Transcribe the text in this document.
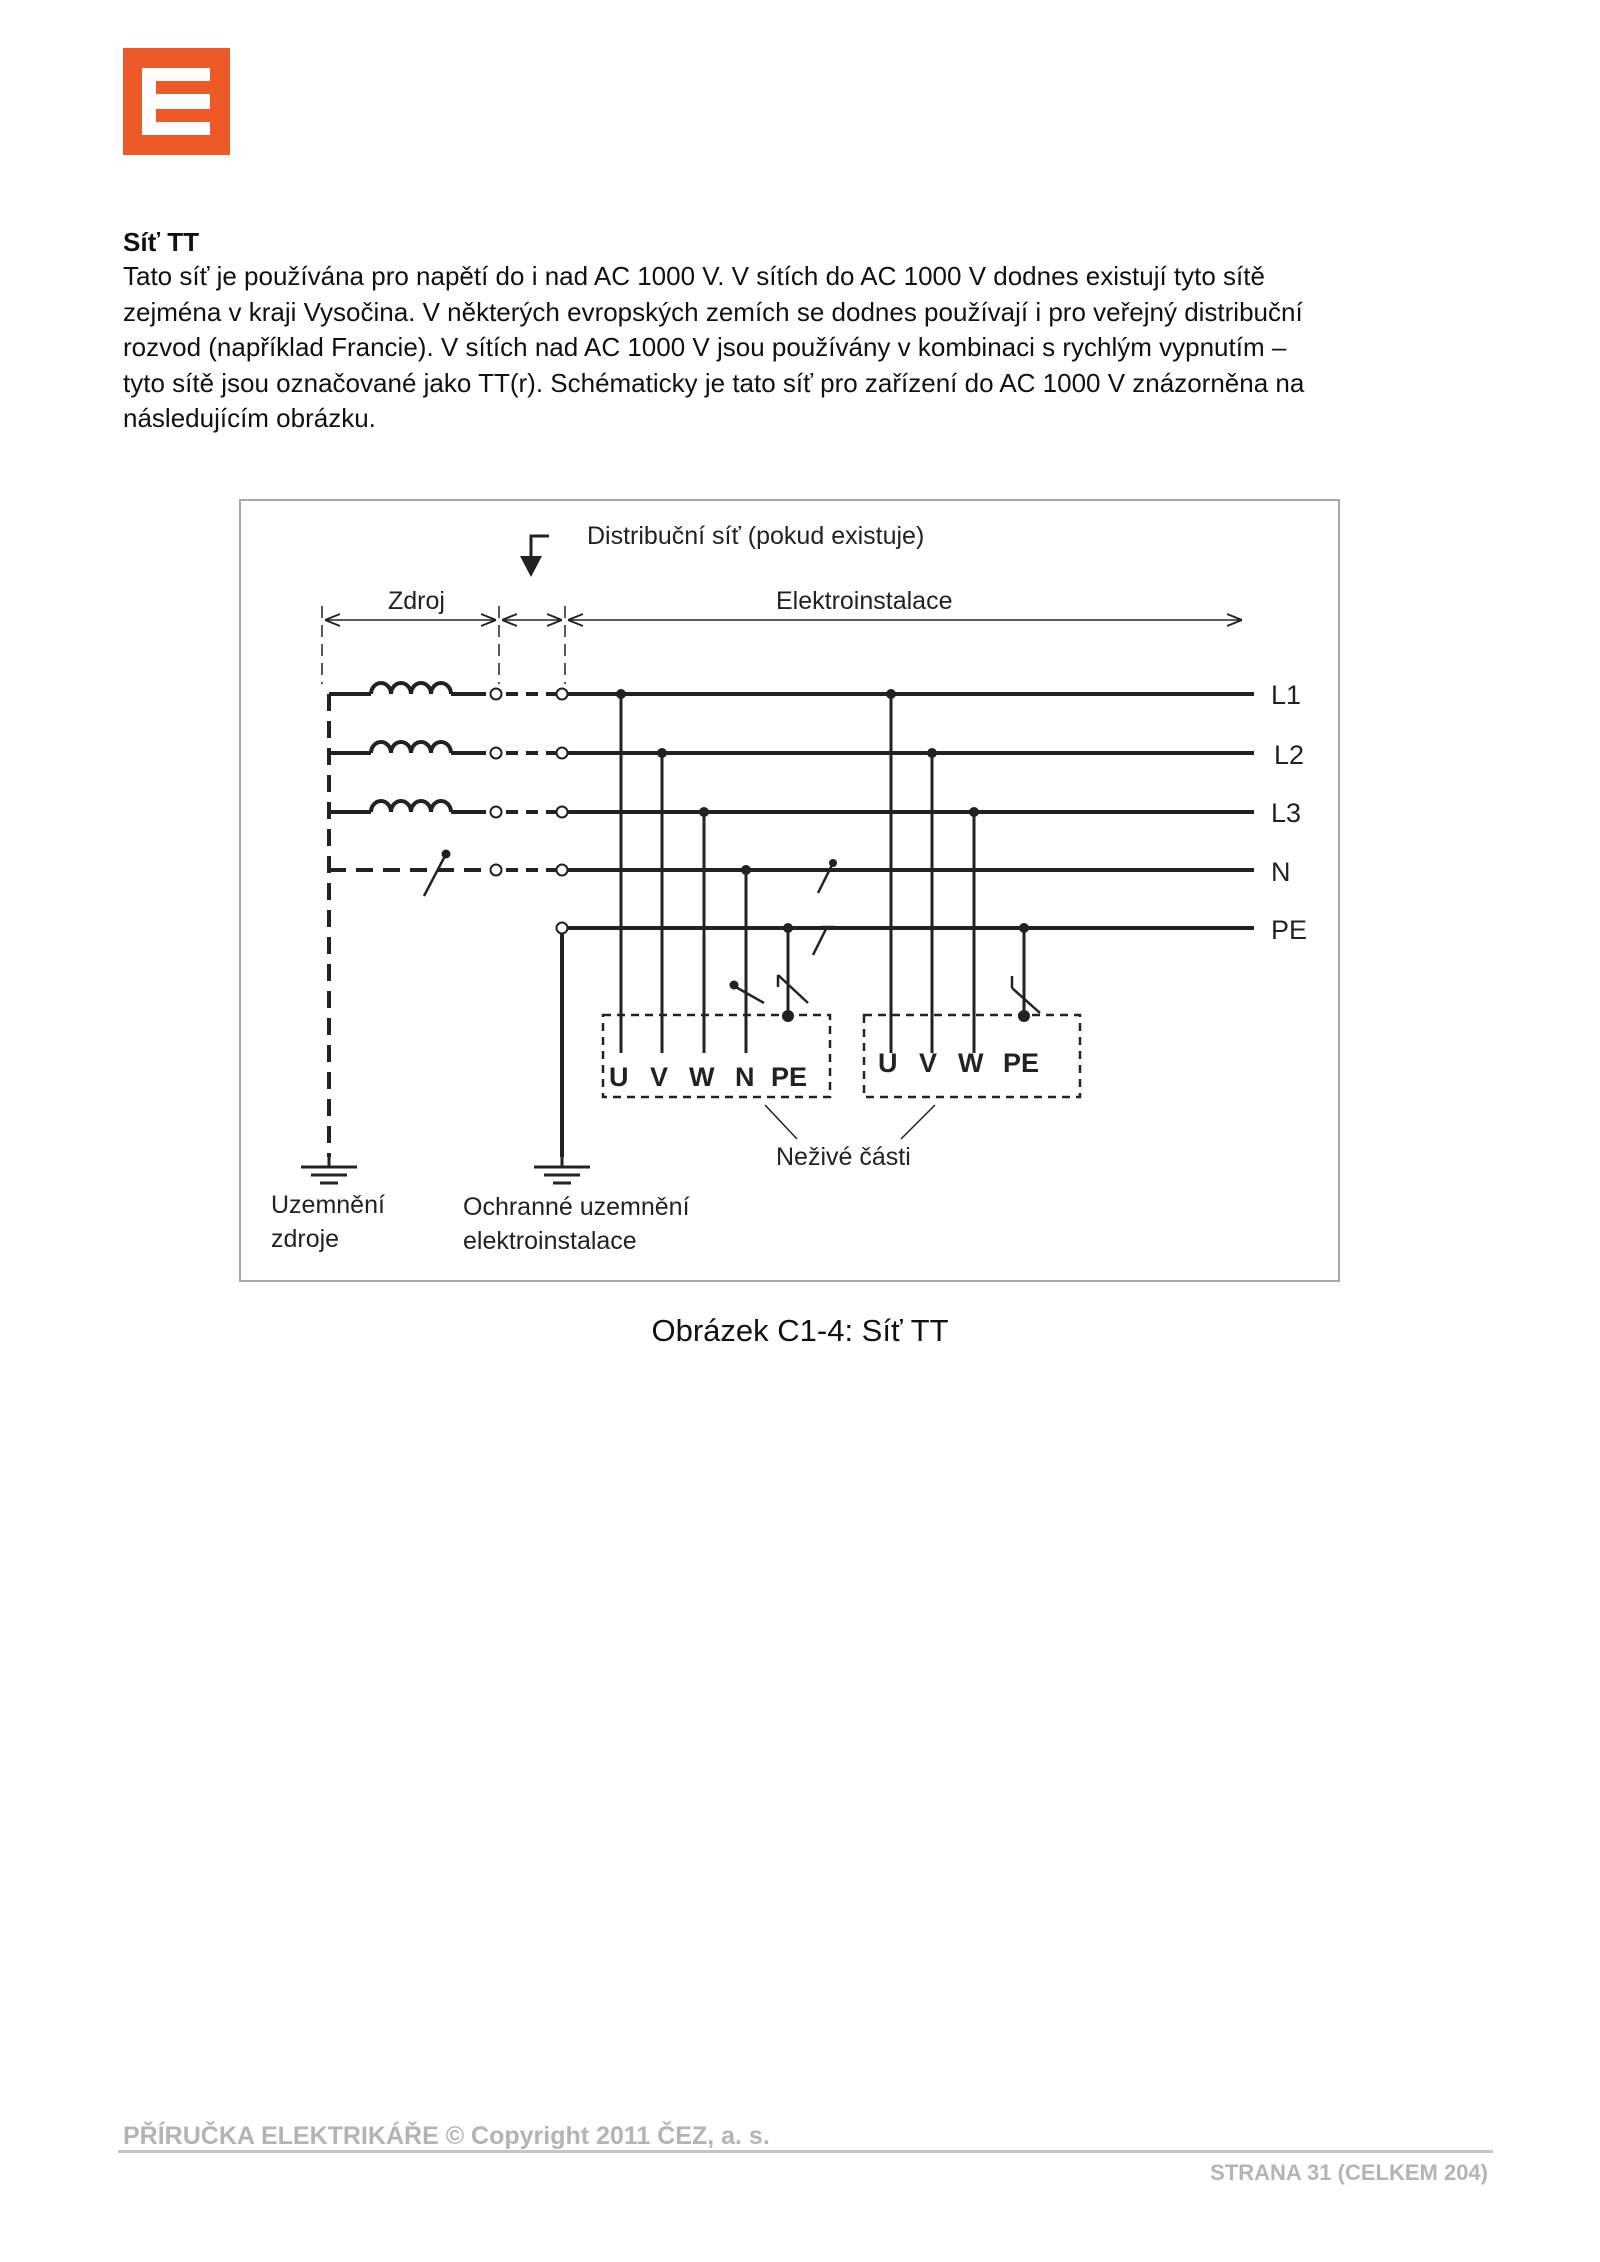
Síť TT
Tato síť je používána pro napětí do i nad AC 1000 V. V sítích do AC 1000 V dodnes existují tyto sítě
zejména v kraji Vysočina. V některých evropských zemích se dodnes používají i pro veřejný distribuční
rozvod (například Francie). V sítích nad AC 1000 V jsou používány v kombinaci s rychlým vypnutím –
tyto sítě jsou označované jako TT(r). Schématicky je tato síť pro zařízení do AC 1000 V znázorněna na
následujícím obrázku.
Distribuční síť (pokud existuje)
Zdroj	Elektroinstalace
L1
L2
L3
N
PE
U V W N PE	U V W PE
Neživé části
Uzemnění
zdroje
Ochranné uzemnění
elektroinstalace
Obrázek C1-4: Síť TT
PŘÍRUČKA ELEKTRIKÁŘE © Copyright 2011 ČEZ, a. s.
STRANA 31 (CELKEM 204)
